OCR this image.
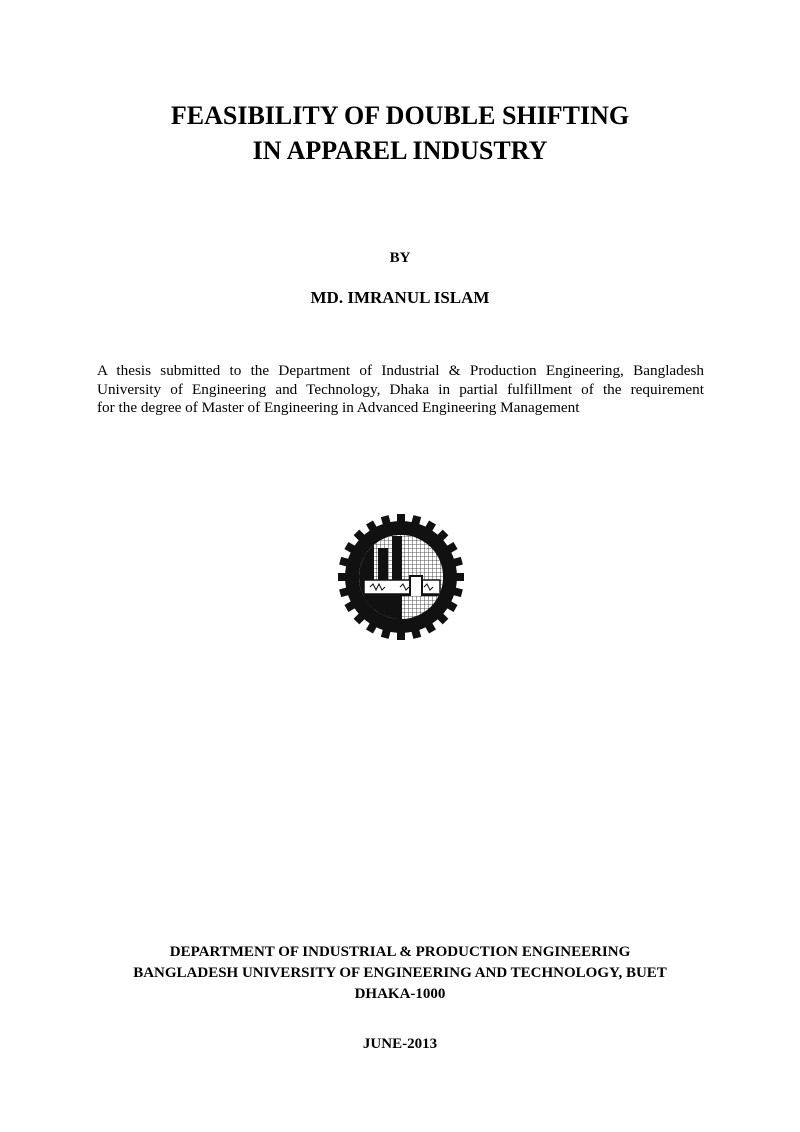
FEASIBILITY OF DOUBLE SHIFTING
IN APPAREL INDUSTRY
BY
MD. IMRANUL ISLAM
A thesis submitted to the Department of Industrial & Production Engineering, Bangladesh
University of Engineering and Technology, Dhaka in partial fulfillment of the requirement
for the degree of Master of Engineering in Advanced Engineering Management
DEPARTMENT OF INDUSTRIAL & PRODUCTION ENGINEERING
BANGLADESH UNIVERSITY OF ENGINEERING AND TECHNOLOGY, BUET
DHAKA-1000
JUNE-2013
